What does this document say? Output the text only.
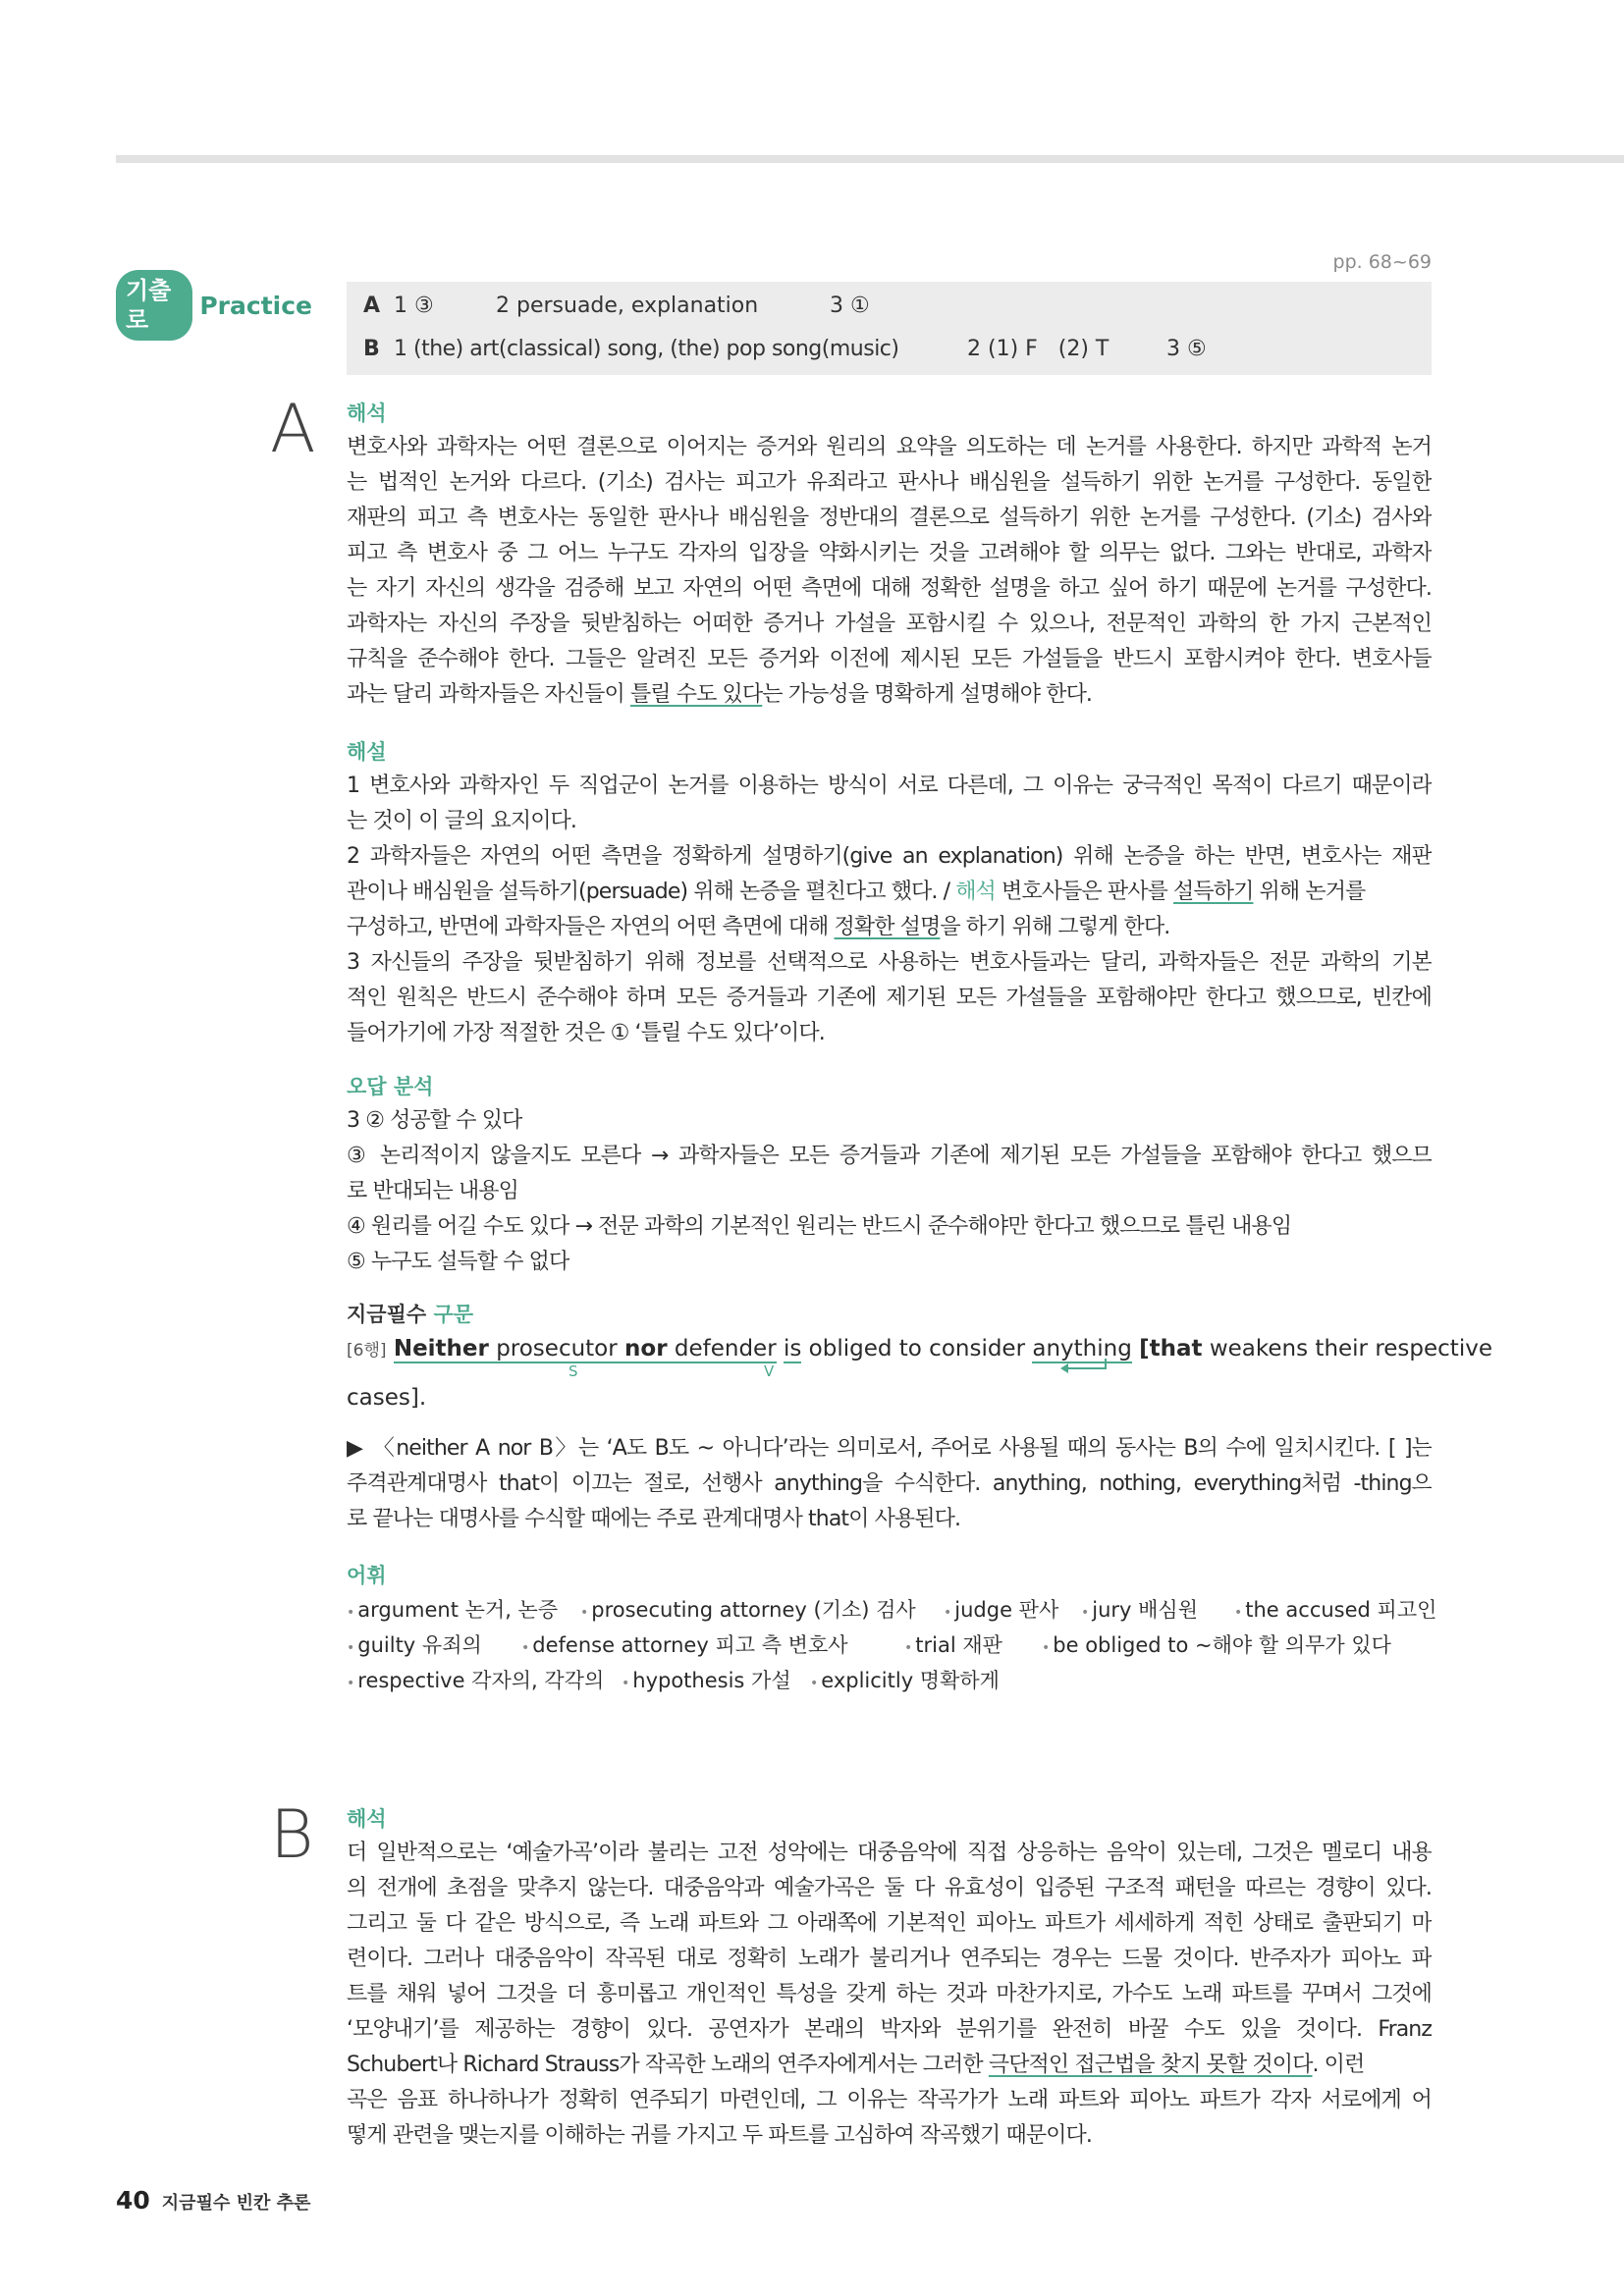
pp. 68~69
기출로
Practice A 1 ③	2 persuade, explanation	3 ①
B 1 (the) art(classical) song, (the) pop song(music)	2 (1) F   (2) T	3 ⑤
A 해석
변호사와 과학자는 어떤 결론으로 이어지는 증거와 원리의 요약을 의도하는 데 논거를 사용한다. 하지만 과학적 논거
는 법적인 논거와 다르다. (기소) 검사는 피고가 유죄라고 판사나 배심원을 설득하기 위한 논거를 구성한다. 동일한
재판의 피고 측 변호사는 동일한 판사나 배심원을 정반대의 결론으로 설득하기 위한 논거를 구성한다. (기소) 검사와
피고 측 변호사 중 그 어느 누구도 각자의 입장을 약화시키는 것을 고려해야 할 의무는 없다. 그와는 반대로, 과학자
는 자기 자신의 생각을 검증해 보고 자연의 어떤 측면에 대해 정확한 설명을 하고 싶어 하기 때문에 논거를 구성한다.
과학자는 자신의 주장을 뒷받침하는 어떠한 증거나 가설을 포함시킬 수 있으나, 전문적인 과학의 한 가지 근본적인
규칙을 준수해야 한다. 그들은 알려진 모든 증거와 이전에 제시된 모든 가설들을 반드시 포함시켜야 한다. 변호사들
과는 달리 과학자들은 자신들이 틀릴 수도 있다는 가능성을 명확하게 설명해야 한다.
해설
1 변호사와 과학자인 두 직업군이 논거를 이용하는 방식이 서로 다른데, 그 이유는 궁극적인 목적이 다르기 때문이라
는 것이 이 글의 요지이다.
2 과학자들은 자연의 어떤 측면을 정확하게 설명하기(give an explanation) 위해 논증을 하는 반면, 변호사는 재판
관이나 배심원을 설득하기(persuade) 위해 논증을 펼친다고 했다. / 해석 변호사들은 판사를 설득하기 위해 논거를
구성하고, 반면에 과학자들은 자연의 어떤 측면에 대해 정확한 설명을 하기 위해 그렇게 한다.
3 자신들의 주장을 뒷받침하기 위해 정보를 선택적으로 사용하는 변호사들과는 달리, 과학자들은 전문 과학의 기본
적인 원칙은 반드시 준수해야 하며 모든 증거들과 기존에 제기된 모든 가설들을 포함해야만 한다고 했으므로, 빈칸에
들어가기에 가장 적절한 것은 ① ‘틀릴 수도 있다’이다.
오답 분석
3 ② 성공할 수 있다
③ 논리적이지 않을지도 모른다 → 과학자들은 모든 증거들과 기존에 제기된 모든 가설들을 포함해야 한다고 했으므
로 반대되는 내용임
④ 원리를 어길 수도 있다 → 전문 과학의 기본적인 원리는 반드시 준수해야만 한다고 했으므로 틀린 내용임
⑤ 누구도 설득할 수 없다
지금필수 구문
[6행] Neither prosecutor nor defender is obliged to consider anything [that weakens their respective
S	V
cases].
▶ 〈neither A nor B〉는 ‘A도 B도 ~ 아니다’라는 의미로서, 주어로 사용될 때의 동사는 B의 수에 일치시킨다. [ ]는
주격관계대명사 that이 이끄는 절로, 선행사 anything을 수식한다. anything, nothing, everything처럼 -thing으
로 끝나는 대명사를 수식할 때에는 주로 관계대명사 that이 사용된다.
어휘
• argument 논거, 논증	• prosecuting attorney (기소) 검사	• judge 판사	• jury 배심원	• the accused 피고인
• guilty 유죄의	• defense attorney 피고 측 변호사	• trial 재판	• be obliged to ~해야 할 의무가 있다
• respective 각자의, 각각의	• hypothesis 가설	• explicitly 명확하게
B 해석
더 일반적으로는 ‘예술가곡’이라 불리는 고전 성악에는 대중음악에 직접 상응하는 음악이 있는데, 그것은 멜로디 내용
의 전개에 초점을 맞추지 않는다. 대중음악과 예술가곡은 둘 다 유효성이 입증된 구조적 패턴을 따르는 경향이 있다.
그리고 둘 다 같은 방식으로, 즉 노래 파트와 그 아래쪽에 기본적인 피아노 파트가 세세하게 적힌 상태로 출판되기 마
련이다. 그러나 대중음악이 작곡된 대로 정확히 노래가 불리거나 연주되는 경우는 드물 것이다. 반주자가 피아노 파
트를 채워 넣어 그것을 더 흥미롭고 개인적인 특성을 갖게 하는 것과 마찬가지로, 가수도 노래 파트를 꾸며서 그것에
‘모양내기’를 제공하는 경향이 있다. 공연자가 본래의 박자와 분위기를 완전히 바꿀 수도 있을 것이다. Franz
Schubert나 Richard Strauss가 작곡한 노래의 연주자에게서는 그러한 극단적인 접근법을 찾지 못할 것이다. 이런
곡은 음표 하나하나가 정확히 연주되기 마련인데, 그 이유는 작곡가가 노래 파트와 피아노 파트가 각자 서로에게 어
떻게 관련을 맺는지를 이해하는 귀를 가지고 두 파트를 고심하여 작곡했기 때문이다.
40 지금필수 빈칸 추론
